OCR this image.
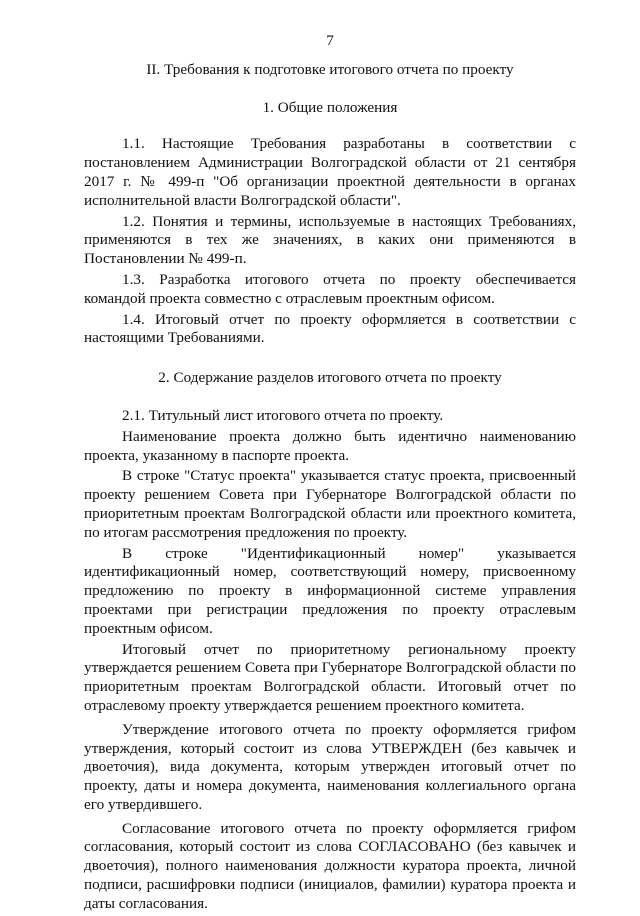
7
II. Требования к подготовке итогового отчета по проекту
1. Общие положения

1.1. Настоящие Требования разработаны в соответствии с постановлением Администрации Волгоградской области от 21 сентября 2017 г. № 499-п "Об организации проектной деятельности в органах исполнительной власти Волгоградской области".

1.2. Понятия и термины, используемые в настоящих Требованиях, применяются в тех же значениях, в каких они применяются в Постановлении № 499-п.

1.3. Разработка итогового отчета по проекту обеспечивается командой проекта совместно с отраслевым проектным офисом.

1.4. Итоговый отчет по проекту оформляется в соответствии с настоящими Требованиями.

2. Содержание разделов итогового отчета по проекту

2.1. Титульный лист итогового отчета по проекту.

Наименование проекта должно быть идентично наименованию проекта, указанному в паспорте проекта.

В строке "Статус проекта" указывается статус проекта, присвоенный проекту решением Совета при Губернаторе Волгоградской области по приоритетным проектам Волгоградской области или проектного комитета, по итогам рассмотрения предложения по проекту.

В строке "Идентификационный номер" указывается идентификационный номер, соответствующий номеру, присвоенному предложению по проекту в информационной системе управления проектами при регистрации предложения по проекту отраслевым проектным офисом.

Итоговый отчет по приоритетному региональному проекту утверждается решением Совета при Губернаторе Волгоградской области по приоритетным проектам Волгоградской области. Итоговый отчет по отраслевому проекту утверждается решением проектного комитета.

Утверждение итогового отчета по проекту оформляется грифом утверждения, который состоит из слова УТВЕРЖДЕН (без кавычек и двоеточия), вида документа, которым утвержден итоговый отчет по проекту, даты и номера документа, наименования коллегиального органа его утвердившего.

Согласование итогового отчета по проекту оформляется грифом согласования, который состоит из слова СОГЛАСОВАНО (без кавычек и двоеточия), полного наименования должности куратора проекта, личной подписи, расшифровки подписи (инициалов, фамилии) куратора проекта и даты согласования.
